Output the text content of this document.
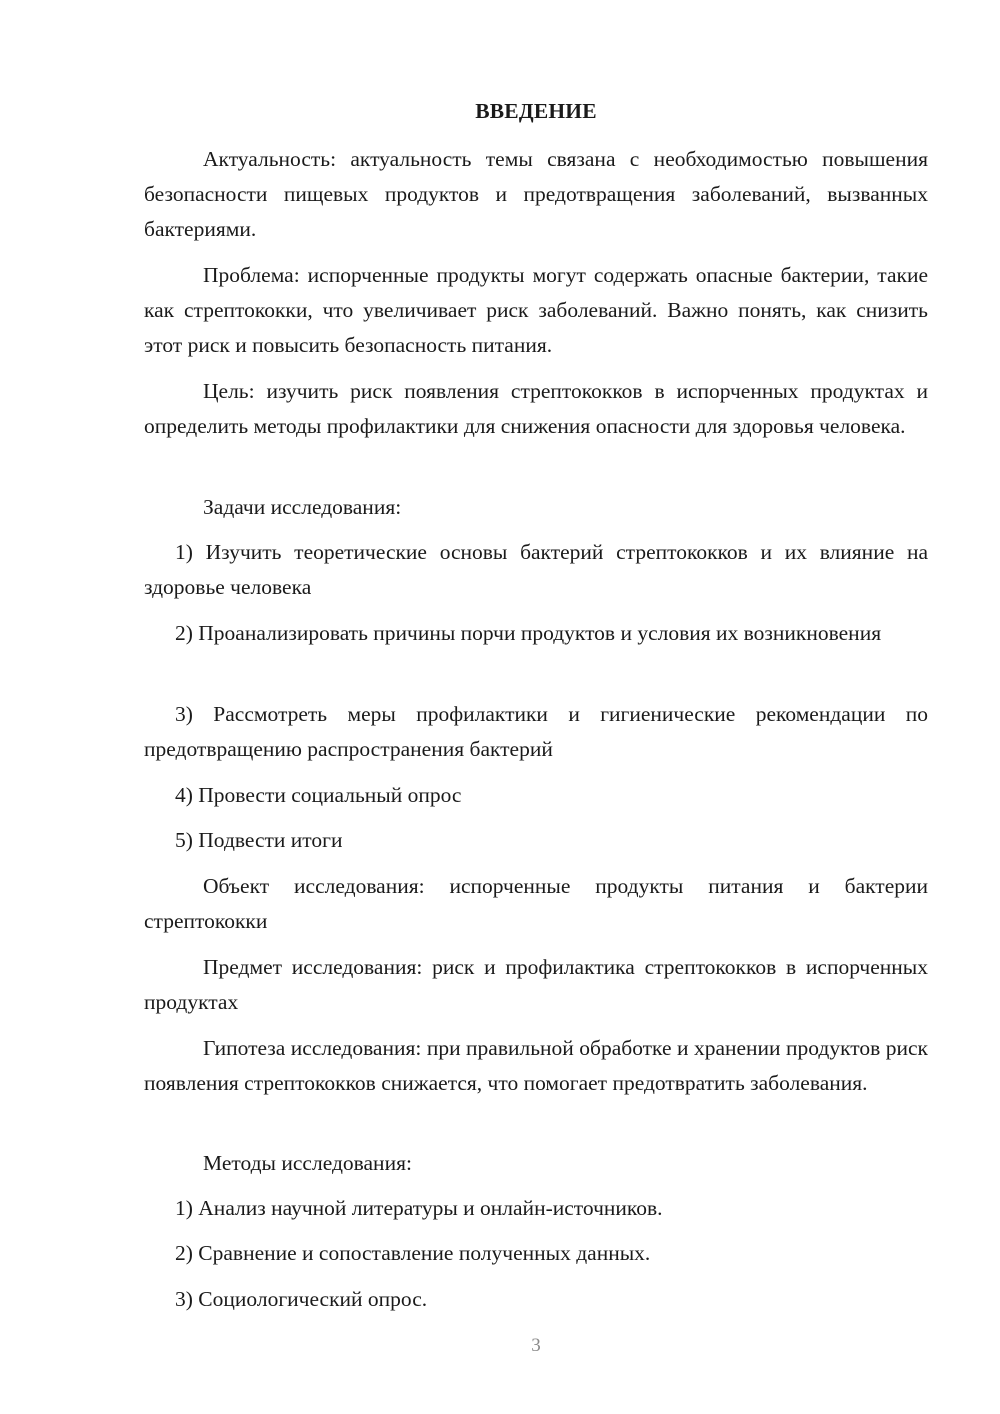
ВВЕДЕНИЕ

Актуальность: актуальность темы связана с необходимостью повышения безопасности пищевых продуктов и предотвращения заболеваний, вызванных бактериями.

Проблема: испорченные продукты могут содержать опасные бактерии, такие как стрептококки, что увеличивает риск заболеваний. Важно понять, как снизить этот риск и повысить безопасность питания.

Цель: изучить риск появления стрептококков в испорченных продуктах и определить методы профилактики для снижения опасности для здоровья человека.

Задачи исследования:

1) Изучить теоретические основы бактерий стрептококков и их влияние на здоровье человека

2) Проанализировать причины порчи продуктов и условия их возникновения

3) Рассмотреть меры профилактики и гигиенические рекомендации по предотвращению распространения бактерий

4) Провести социальный опрос

5) Подвести итоги

Объект исследования: испорченные продукты питания и бактерии стрептококки

Предмет исследования: риск и профилактика стрептококков в испорченных продуктах

Гипотеза исследования: при правильной обработке и хранении продуктов риск появления стрептококков снижается, что помогает предотвратить заболевания.

Методы исследования:

1) Анализ научной литературы и онлайн-источников.

2) Сравнение и сопоставление полученных данных.

3) Социологический опрос.

3
